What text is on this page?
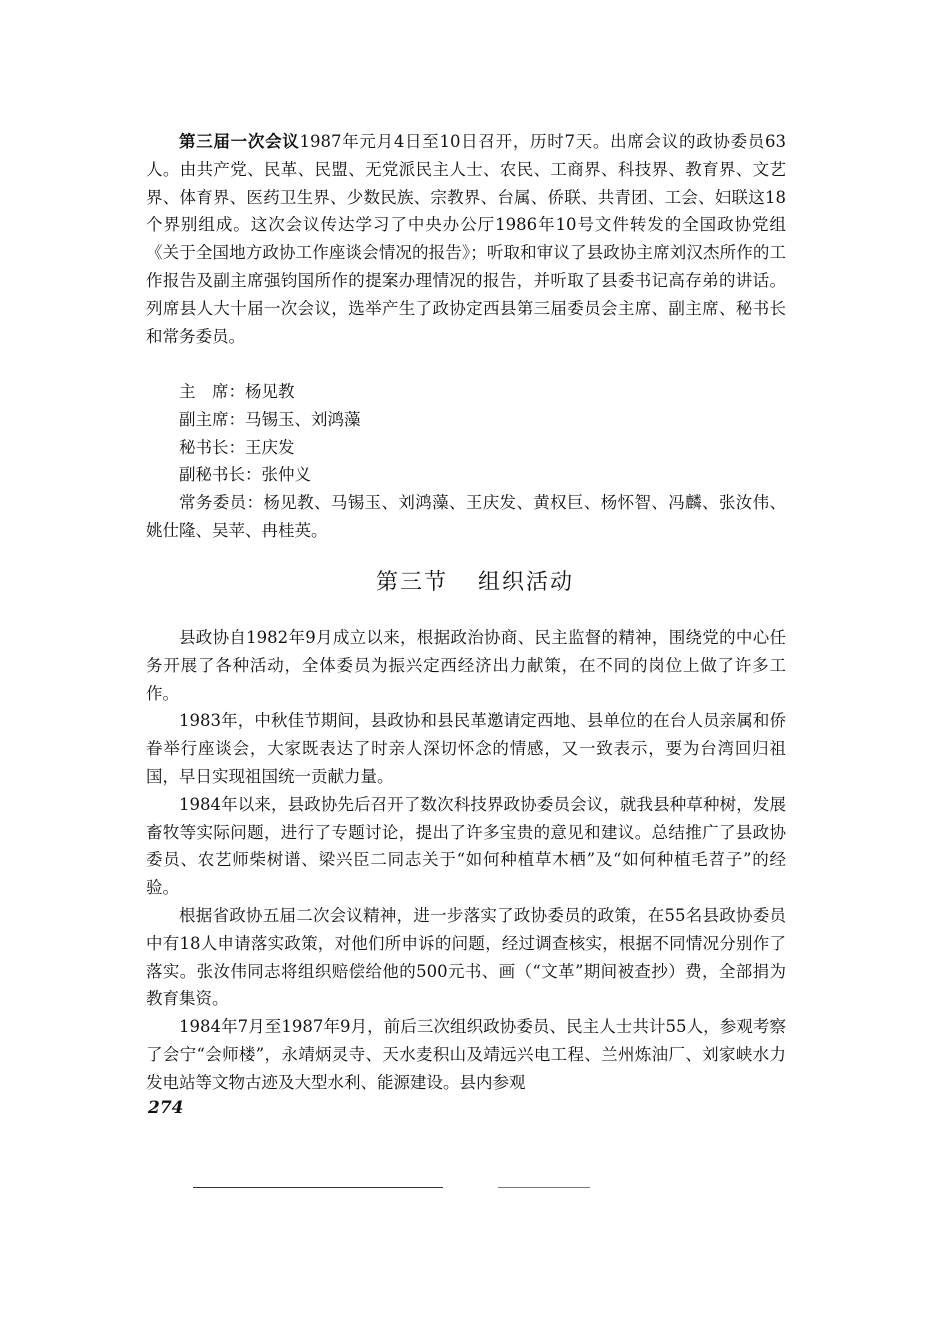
第三届一次会议1987年元月4日至10日召开，历时7天。出席会议的政协委员63人。由共产党、民革、民盟、无党派民主人士、农民、工商界、科技界、教育界、文艺界、体育界、医药卫生界、少数民族、宗教界、台属、侨联、共青团、工会、妇联这18个界别组成。这次会议传达学习了中央办公厅1986年10号文件转发的全国政协党组《关于全国地方政协工作座谈会情况的报告》；听取和审议了县政协主席刘汉杰所作的工作报告及副主席强钧国所作的提案办理情况的报告，并听取了县委书记高存弟的讲话。列席县人大十届一次会议，选举产生了政协定西县第三届委员会主席、副主席、秘书长和常务委员。

主　席：杨见教

副主席：马锡玉、刘鸿藻

秘书长：王庆发

副秘书长：张仲义

常务委员：杨见教、马锡玉、刘鸿藻、王庆发、黄权巨、杨怀智、冯麟、张汝伟、姚仕隆、吴苹、冉桂英。

第三节 组织活动

县政协自1982年9月成立以来，根据政治协商、民主监督的精神，围绕党的中心任务开展了各种活动，全体委员为振兴定西经济出力献策，在不同的岗位上做了许多工作。

1983年，中秋佳节期间，县政协和县民革邀请定西地、县单位的在台人员亲属和侨眷举行座谈会，大家既表达了时亲人深切怀念的情感，又一致表示，要为台湾回归祖国，早日实现祖国统一贡献力量。

1984年以来，县政协先后召开了数次科技界政协委员会议，就我县种草种树，发展畜牧等实际问题，进行了专题讨论，提出了许多宝贵的意见和建议。总结推广了县政协委员、农艺师柴树谱、梁兴臣二同志关于“如何种植草木栖”及“如何种植毛苕子”的经验。

根据省政协五届二次会议精神，进一步落实了政协委员的政策，在55名县政协委员中有18人申请落实政策，对他们所申诉的问题，经过调查核实，根据不同情况分别作了落实。张汝伟同志将组织赔偿给他的500元书、画（“文革”期间被查抄）费，全部捐为教育集资。

1984年7月至1987年9月，前后三次组织政协委员、民主人士共计55人，参观考察了会宁“会师楼”，永靖炳灵寺、天水麦积山及靖远兴电工程、兰州炼油厂、刘家峡水力发电站等文物古迹及大型水利、能源建设。县内参观

274
